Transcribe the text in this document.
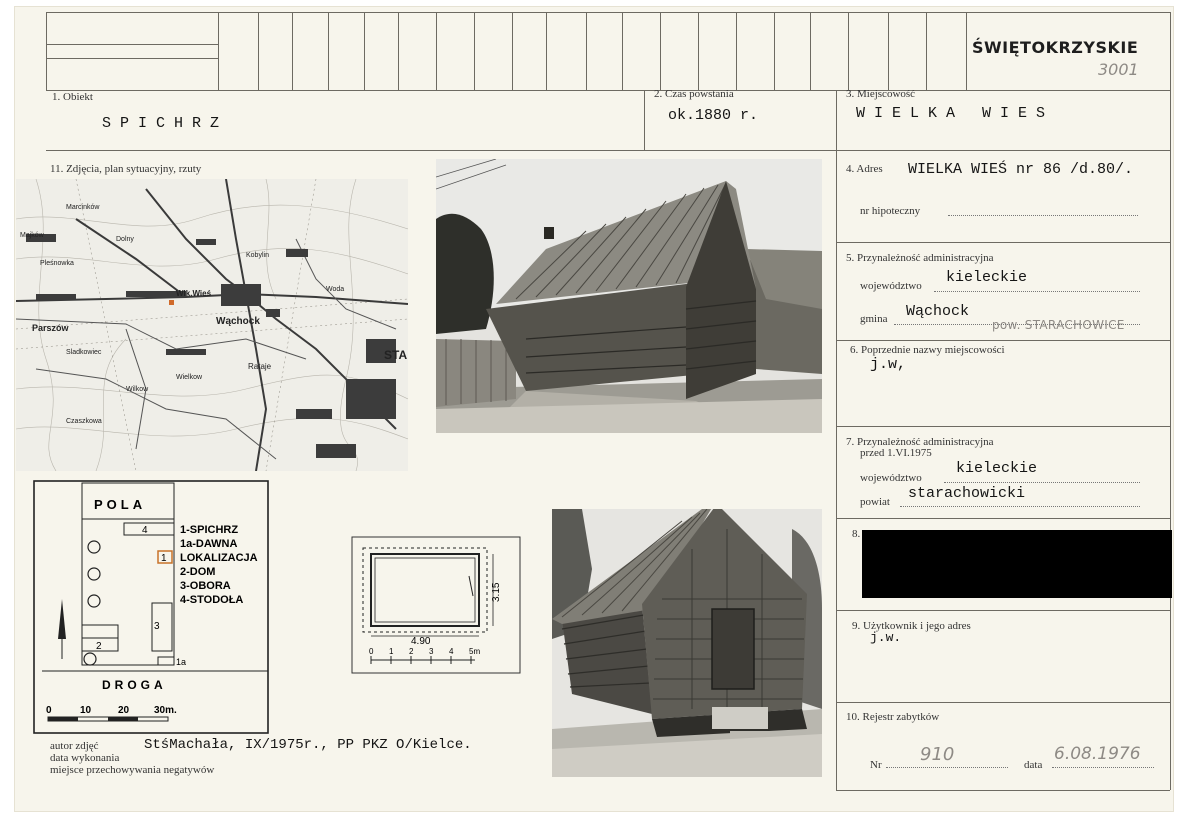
ŚWIĘTOKRZYSKIE
3001
1. Obiekt
SPICHRZ
2. Czas powstania
ok.1880 r.
3. Miejscowość
WIELKA WIES
11. Zdjęcia, plan sytuacyjny, rzuty	4. Adres WIELKA WIEŚ nr 86 /d.80/.
nr hipoteczny
5. Przynależność administracyjna
województwo kieleckie
gmina Wąchock
pow. STARACHOWICE
6. Poprzednie nazwy miejscowości
j.w,
7. Przynależność administracyjna
przed 1.VI.1975
województwo
kieleckie
powiat starachowicki
8.
9. Użytkownik i jego adres
j.w.
10. Rejestr zabytków
Nr 910	data
6.08.1976
Marcinków
Majków
Dolny
Pleśnowka
Kobylin
Wlk.Wieś
Wąchock
Parszów
Rataje
Wielkow
Wilkow
Czaszkowa
Sladkowiec
Woda
STA
POLA
4
1
3
2
1a
DROGA
1-SPICHRZ
1a-DAWNA
LOKALIZACJA
2-DOM
3-OBORA
4-STODOŁA
0	10	20 30m.
4.90
3.15
0 1 2 3 4 5m
autor zdjęć
data wykonania
miejsce przechowywania negatywów
StśMachała, IX/1975r., PP PKZ O/Kielce.
